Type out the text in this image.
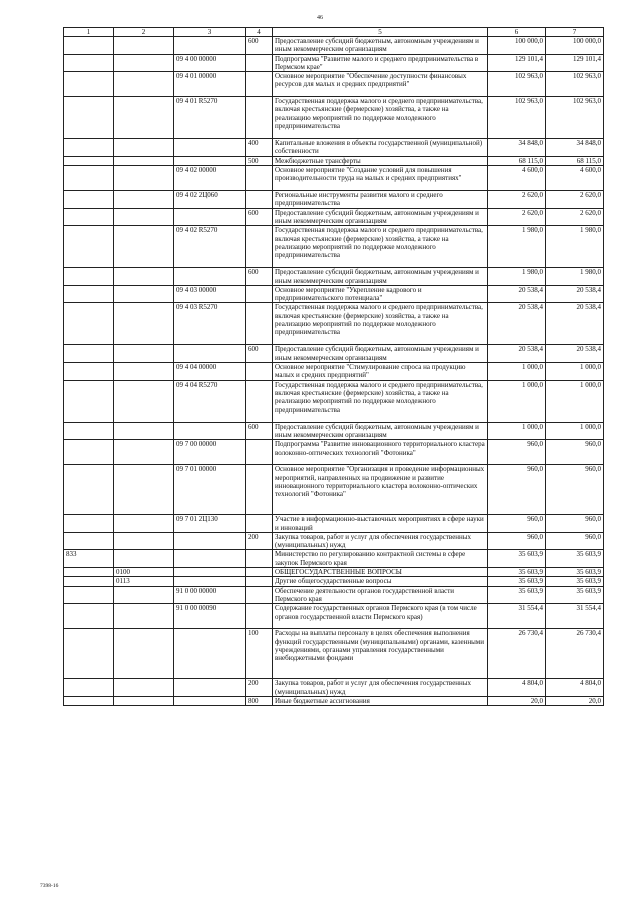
46
1	2	3	4	5	6	7
			600	Предоставление субсидий бюджетным, автономным учреждениям и иным некоммерческим организациям	100 000,0	100 000,0
		09 4 00 00000		Подпрограмма "Развитие малого и среднего предпринимательства в Пермском крае"	129 101,4	129 101,4
		09 4 01 00000		Основное мероприятие "Обеспечение доступности финансовых ресурсов для малых и средних предприятий"	102 963,0	102 963,0
		09 4 01 R5270		Государственная поддержка малого и среднего предпринимательства, включая крестьянские (фермерские) хозяйства, а также на реализацию мероприятий по поддержке молодежного предпринимательства	102 963,0	102 963,0
			400	Капитальные вложения в объекты государственной (муниципальной) собственности	34 848,0	34 848,0
			500	Межбюджетные трансферты	68 115,0	68 115,0
		09 4 02 00000		Основное мероприятие "Создание условий для повышения производительности труда на малых и средних предприятиях"	4 600,0	4 600,0
		09 4 02 2Ц060		Региональные инструменты развития малого и среднего предпринимательства	2 620,0	2 620,0
			600	Предоставление субсидий бюджетным, автономным учреждениям и иным некоммерческим организациям	2 620,0	2 620,0
		09 4 02 R5270		Государственная поддержка малого и среднего предпринимательства, включая крестьянские (фермерские) хозяйства, а также на реализацию мероприятий по поддержке молодежного предпринимательства	1 980,0	1 980,0
			600	Предоставление субсидий бюджетным, автономным учреждениям и иным некоммерческим организациям	1 980,0	1 980,0
		09 4 03 00000		Основное мероприятие "Укрепление кадрового и предпринимательского потенциала"	20 538,4	20 538,4
		09 4 03 R5270		Государственная поддержка малого и среднего предпринимательства, включая крестьянские (фермерские) хозяйства, а также на реализацию мероприятий по поддержке молодежного предпринимательства	20 538,4	20 538,4
			600	Предоставление субсидий бюджетным, автономным учреждениям и иным некоммерческим организациям	20 538,4	20 538,4
		09 4 04 00000		Основное мероприятие "Стимулирование спроса на продукцию малых и средних предприятий"	1 000,0	1 000,0
		09 4 04 R5270		Государственная поддержка малого и среднего предпринимательства, включая крестьянские (фермерские) хозяйства, а также на реализацию мероприятий по поддержке молодежного предпринимательства	1 000,0	1 000,0
			600	Предоставление субсидий бюджетным, автономным учреждениям и иным некоммерческим организациям	1 000,0	1 000,0
		09 7 00 00000		Подпрограмма "Развитие инновационного территориального кластера волоконно-оптических технологий "Фотоника"	960,0	960,0
		09 7 01 00000		Основное мероприятие "Организация и проведение информационных мероприятий, направленных на продвижение и развитие инновационного территориального кластера волоконно-оптических технологий "Фотоника"	960,0	960,0
		09 7 01 2Ц130		Участие в информационно-выставочных мероприятиях в сфере науки и инноваций	960,0	960,0
			200	Закупка товаров, работ и услуг для обеспечения государственных (муниципальных) нужд	960,0	960,0
833				Министерство по регулированию контрактной системы в сфере закупок Пермского края	35 603,9	35 603,9
	0100			ОБЩЕГОСУДАРСТВЕННЫЕ ВОПРОСЫ	35 603,9	35 603,9
	0113			Другие общегосударственные вопросы	35 603,9	35 603,9
		91 0 00 00000		Обеспечение деятельности органов государственной власти Пермского края	35 603,9	35 603,9
		91 0 00 00090		Содержание государственных органов Пермского края (в том числе органов государственной власти Пермского края)	31 554,4	31 554,4
			100	Расходы на выплаты персоналу в целях обеспечения выполнения функций государственными (муниципальными) органами, казенными учреждениями, органами управления государственными внебюджетными фондами	26 730,4	26 730,4
			200	Закупка товаров, работ и услуг для обеспечения государственных (муниципальных) нужд	4 804,0	4 804,0
			800	Иные бюджетные ассигнования	20,0	20,0
7398-16
